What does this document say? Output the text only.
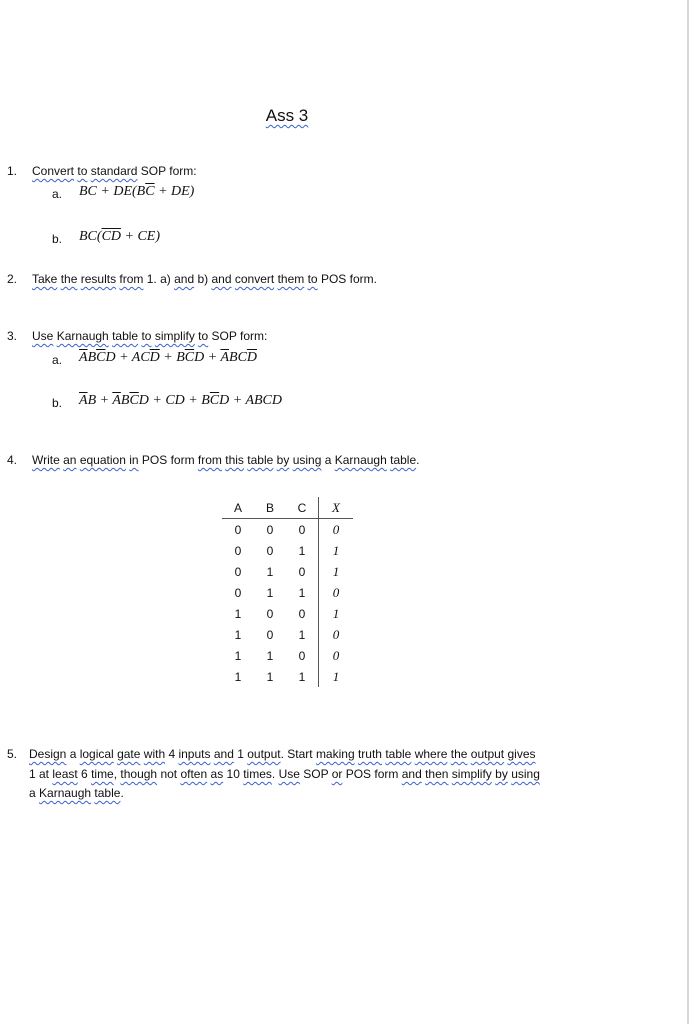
Ass 3
1. Convert to standard SOP form:
a. BC + $DE(B\overline{C} + DE)$
b. $BC(\overline{CD} + CE)$
2. Take the results from 1. a) and b) and convert them to POS form.
3. Use Karnaugh table to simplify to SOP form:
a. $\overline{A}B\overline{C}D + AC\overline{D} + B\overline{C}D + \overline{A}BC\overline{D}$
b. $\overline{A}B + \overline{A}B\overline{C}D$ + CD + $B\overline{C}D$ + ABCD
4. Write an equation in POS form from this table by using a Karnaugh table.
A	B	C	X
0	0	0	0
0	0	1	1
0	1	0	1
0	1	1	0
1	0	0	1
1	0	1	0
1	1	0	0
1	1	1	1
5. Design a logical gate with 4 inputs and 1 output. Start making truth table where the output gives
1 at least 6 time, though not often as 10 times. Use SOP or POS form and then simplify by using
a Karnaugh table.
